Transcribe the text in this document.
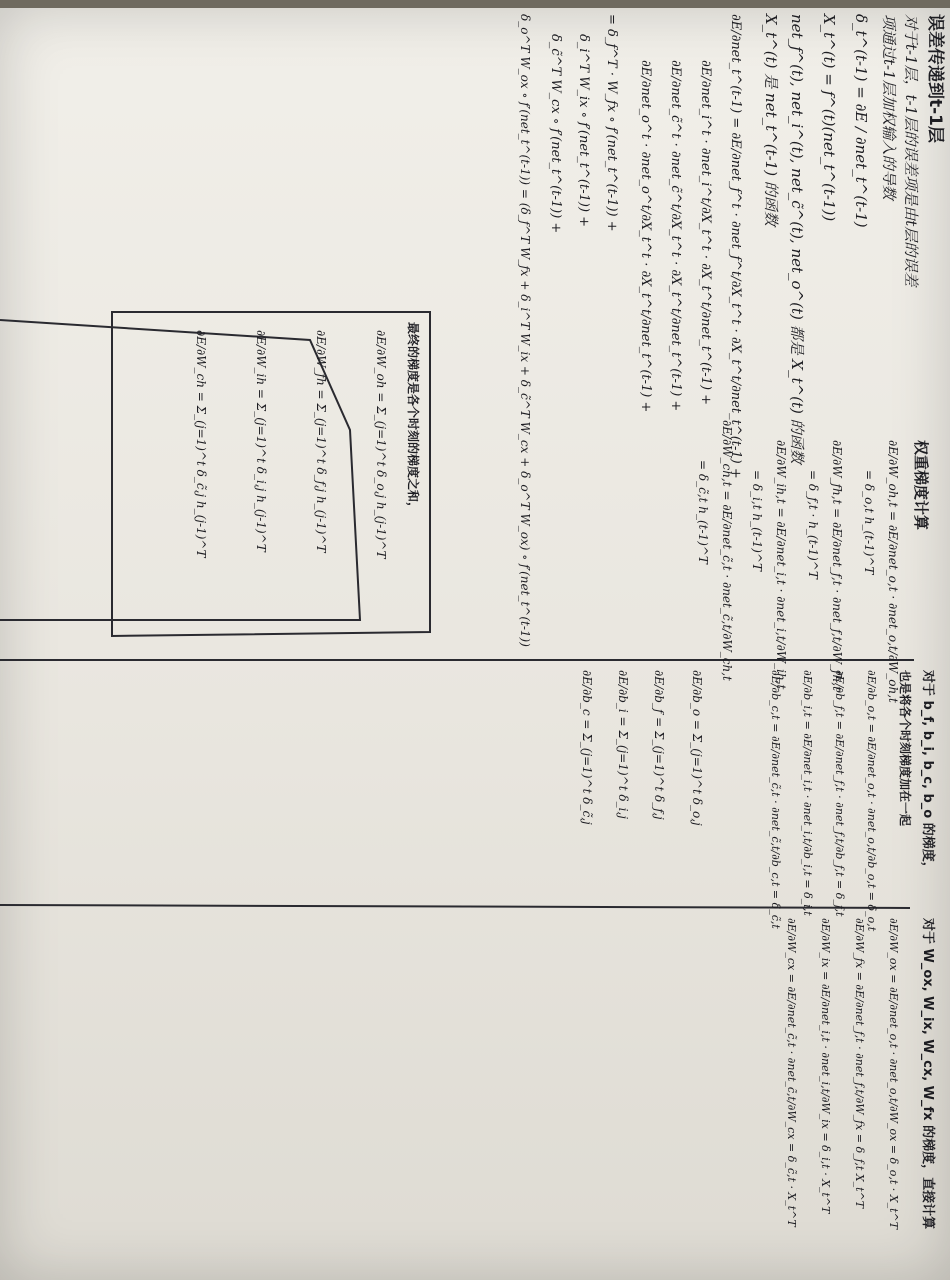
误差传递到t-1层
对于t-1层，t-1层的误差项是由t层的误差
项通过t-1层加权输入的导数
δ_t^(t-1) = ∂E / ∂net_t^(t-1)
X_t^(t) = f^(t)(net_t^(t-1))
net_f^(t), net_i^(t), net_c̃^(t), net_o^(t) 都是 X_t^(t) 的函数
X_t^(t) 是 net_t^(t-1) 的函数
∂E/∂net_t^(t-1) = ∂E/∂net_f^t · ∂net_f^t/∂X_t^t · ∂X_t^t/∂net_t^(t-1) +
∂E/∂net_i^t · ∂net_i^t/∂X_t^t · ∂X_t^t/∂net_t^(t-1) +
∂E/∂net_c̃^t · ∂net_c̃^t/∂X_t^t · ∂X_t^t/∂net_t^(t-1) +
∂E/∂net_o^t · ∂net_o^t/∂X_t^t · ∂X_t^t/∂net_t^(t-1) +
= δ_f^T · W_fx ∘ f′(net_t^(t-1)) +
δ_i^T W_ix ∘ f′(net_t^(t-1)) +
δ_c̃^T W_cx ∘ f′(net_t^(t-1)) +
δ_o^T W_ox ∘ f′(net_t^(t-1)) = (δ_f^T W_fx + δ_i^T W_ix + δ_c̃^T W_cx + δ_o^T W_ox) ∘ f′(net_t^(t-1))	权重梯度计算
∂E/∂W_oh,t = ∂E/∂net_o,t · ∂net_o,t/∂W_oh,t
= δ_o,t h_(t-1)^T
∂E/∂W_fh,t = ∂E/∂net_f,t · ∂net_f,t/∂W_fh,t
= δ_f,t · h_(t-1)^T
∂E/∂W_ih,t = ∂E/∂net_i,t · ∂net_i,t/∂W_ih,t
= δ_i,t h_(t-1)^T
∂E/∂W_ch,t = ∂E/∂net_c̃,t · ∂net_c̃,t/∂W_ch,t
= δ_c̃,t h_(t-1)^T
最终的梯度是各个时刻的梯度之和，
∂E/∂W_oh = Σ_(j=1)^t δ_o,j h_(j-1)^T
∂E/∂W_fh = Σ_(j=1)^t δ_f,j h_(j-1)^T
∂E/∂W_ih = Σ_(j=1)^t δ_i,j h_(j-1)^T
∂E/∂W_ch = Σ_(j=1)^t δ_c̃,j h_(j-1)^T
对于 b_f, b_i, b_c, b_o 的梯度，
也是将各个时刻梯度加在一起
∂E/∂b_o,t = ∂E/∂net_o,t · ∂net_o,t/∂b_o,t = δ_o,t
∂E/∂b_f,t = ∂E/∂net_f,t · ∂net_f,t/∂b_f,t = δ_f,t
∂E/∂b_i,t = ∂E/∂net_i,t · ∂net_i,t/∂b_i,t = δ_i,t
∂E/∂b_c,t = ∂E/∂net_c̃,t · ∂net_c̃,t/∂b_c,t = δ_c̃,t
∂E/∂b_o = Σ_(j=1)^t δ_o,j
∂E/∂b_f = Σ_(j=1)^t δ_f,j
∂E/∂b_i = Σ_(j=1)^t δ_i,j
∂E/∂b_c = Σ_(j=1)^t δ_c̃,j
对于 W_ox, W_ix, W_cx, W_fx 的梯度，直接计算
∂E/∂W_ox = ∂E/∂net_o,t · ∂net_o,t/∂W_ox = δ_o,t · X_t^T
∂E/∂W_fx = ∂E/∂net_f,t · ∂net_f,t/∂W_fx = δ_f,t X_t^T
∂E/∂W_ix = ∂E/∂net_i,t · ∂net_i,t/∂W_ix = δ_i,t · X_t^T
∂E/∂W_cx = ∂E/∂net_c̃,t · ∂net_c̃,t/∂W_cx = δ_c̃,t · X_t^T
